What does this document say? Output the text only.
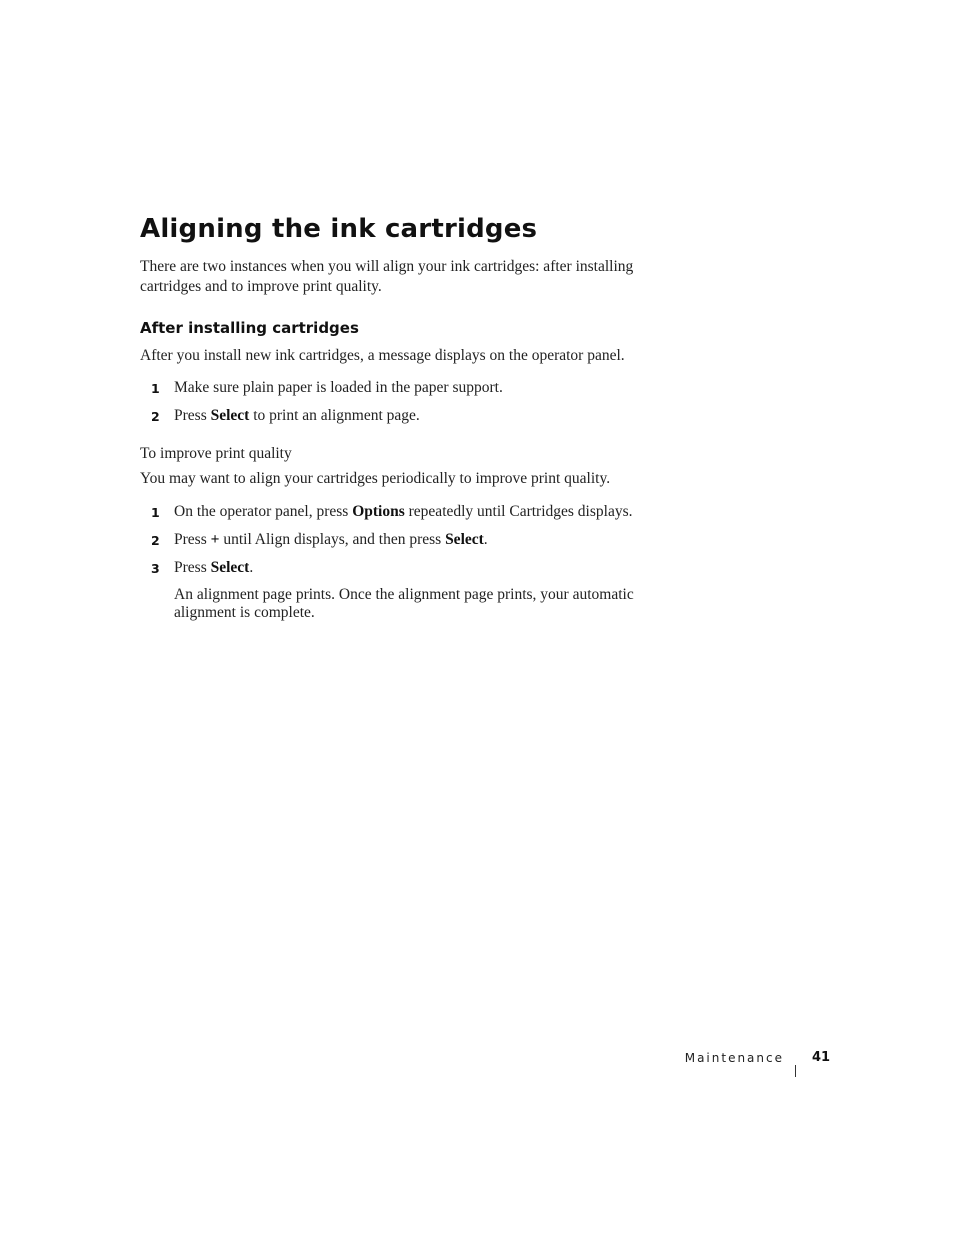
Aligning the ink cartridges

There are two instances when you will align your ink cartridges: after installing cartridges and to improve print quality.

After installing cartridges

After you install new ink cartridges, a message displays on the operator panel.

1 Make sure plain paper is loaded in the paper support.
2 Press Select to print an alignment page.

To improve print quality

You may want to align your cartridges periodically to improve print quality.

1 On the operator panel, press Options repeatedly until Cartridges displays.
2 Press + until Align displays, and then press Select.
3 Press Select.

An alignment page prints. Once the alignment page prints, your automatic alignment is complete.

Maintenance 41
